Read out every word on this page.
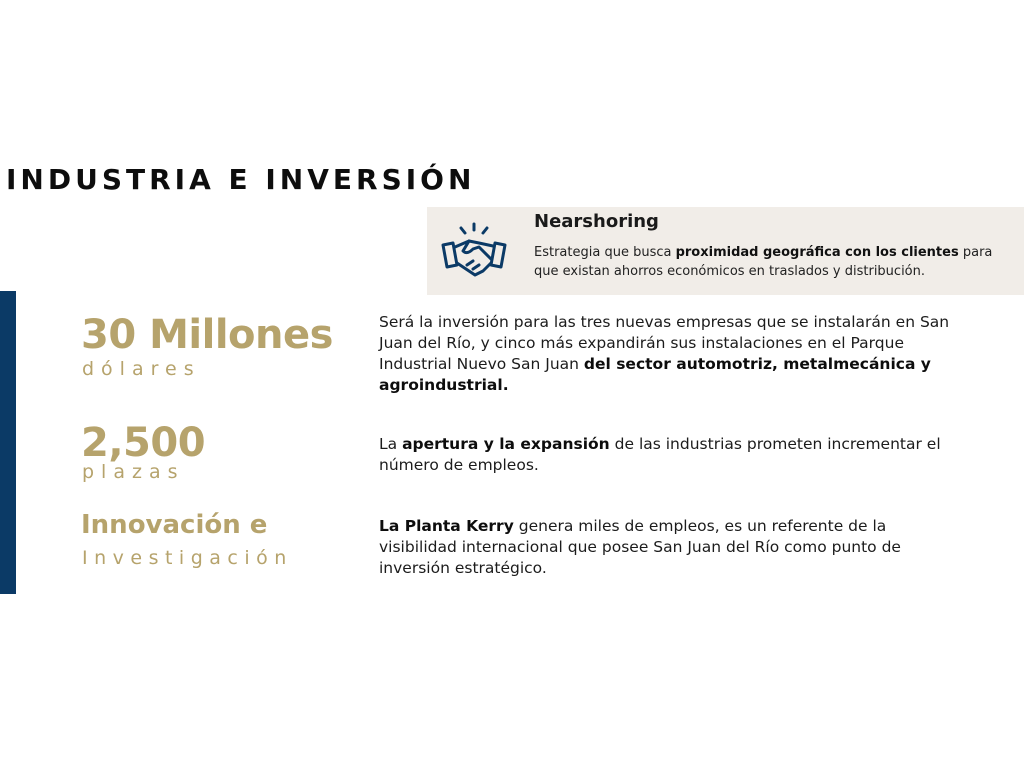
INDUSTRIA E INVERSIÓN
Nearshoring
Estrategia que busca proximidad geográfica con los clientes para que existan ahorros económicos en traslados y distribución.
30 Millones
dólares

Será la inversión para las tres nuevas empresas que se instalarán en San Juan del Río, y cinco más expandirán sus instalaciones en el Parque Industrial Nuevo San Juan del sector automotriz, metalmecánica y agroindustrial.

2,500
plazas

La apertura y la expansión de las industrias prometen incrementar el número de empleos.

Innovación e
Investigación

La Planta Kerry genera miles de empleos, es un referente de la visibilidad internacional que posee San Juan del Río como punto de inversión estratégico.
